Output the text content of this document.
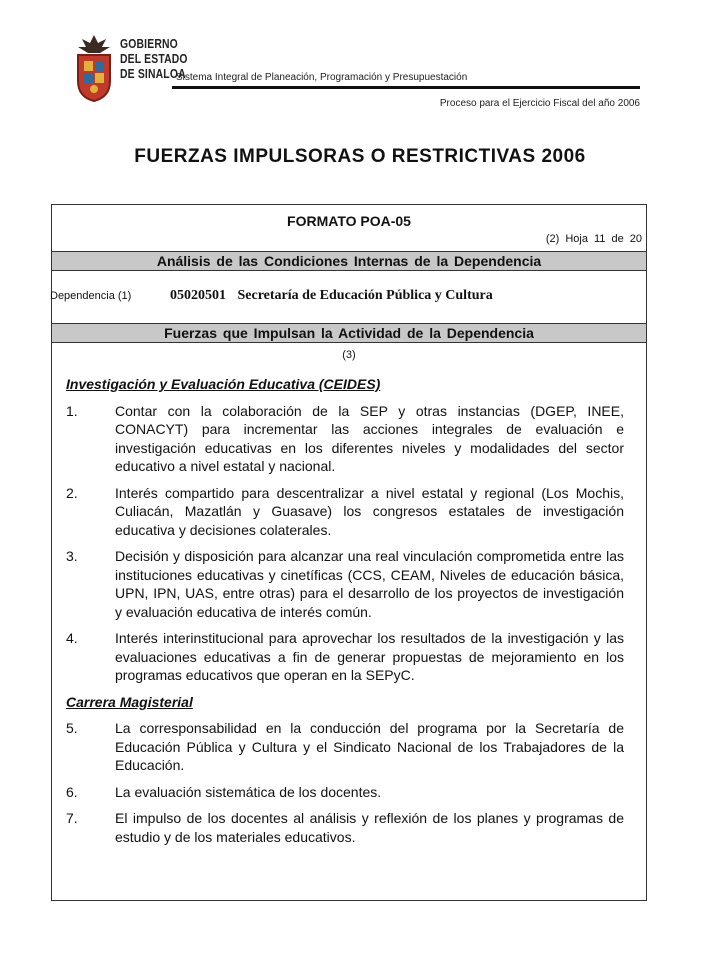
GOBIERNO
DEL ESTADO
DE SINALOA
Sistema Integral de Planeación, Programación y Presupuestación
Proceso para el Ejercicio Fiscal del año 2006
FUERZAS IMPULSORAS O RESTRICTIVAS 2006
FORMATO POA-05
(2) Hoja 11 de 20
Análisis de las Condiciones Internas de la Dependencia
Dependencia (1)	05020501 Secretaría de Educación Pública y Cultura
Fuerzas que Impulsan la Actividad de la Dependencia
(3)
Investigación y Evaluación Educativa (CEIDES)
1.	Contar con la colaboración de la SEP y otras instancias (DGEP, INEE, CONACYT) para incrementar las acciones integrales de evaluación e investigación educativas en los diferentes niveles y modalidades del sector educativo a nivel estatal y nacional.
2.	Interés compartido para descentralizar a nivel estatal y regional (Los Mochis, Culiacán, Mazatlán y Guasave) los congresos estatales de investigación educativa y decisiones colaterales.
3.	Decisión y disposición para alcanzar una real vinculación comprometida entre las instituciones educativas y cinetíficas (CCS, CEAM, Niveles de educación básica, UPN, IPN, UAS, entre otras) para el desarrollo de los proyectos de investigación y evaluación educativa de interés común.
4.	Interés interinstitucional para aprovechar los resultados de la investigación y las evaluaciones educativas a fin de generar propuestas de mejoramiento en los programas educativos que operan en la SEPyC.
Carrera Magisterial
5.	La corresponsabilidad en la conducción del programa por la Secretaría de Educación Pública y Cultura y el Sindicato Nacional de los Trabajadores de la Educación.
6.	La evaluación sistemática de los docentes.
7.	El impulso de los docentes al análisis y reflexión de los planes y programas de estudio y de los materiales educativos.
